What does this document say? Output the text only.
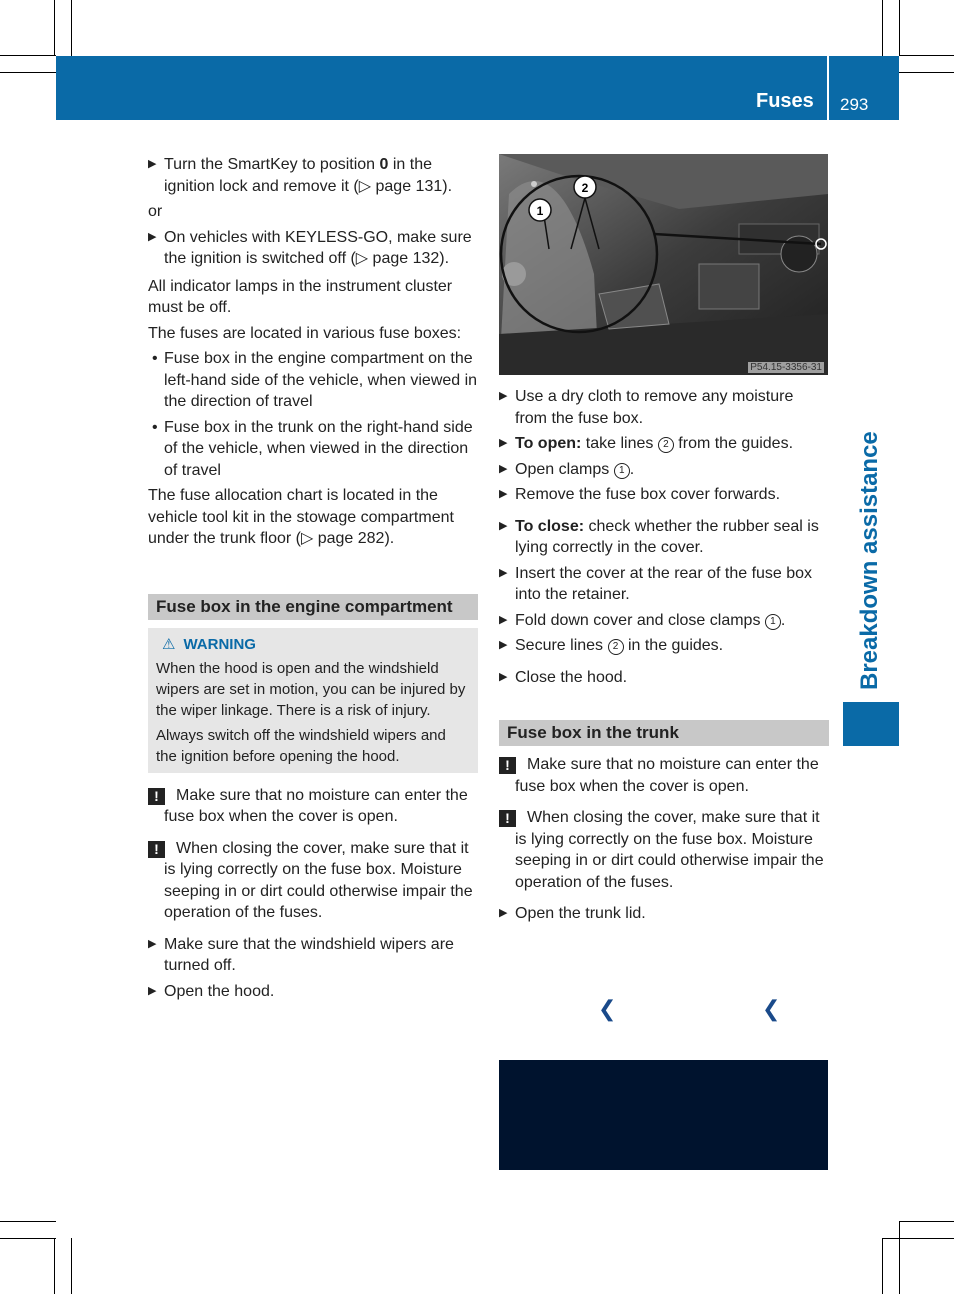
Fuses 293
Breakdown assistance
▶ Turn the SmartKey to position 0 in the ignition lock and remove it (▷ page 131).
or
▶ On vehicles with KEYLESS-GO, make sure the ignition is switched off (▷ page 132).
All indicator lamps in the instrument cluster must be off.
The fuses are located in various fuse boxes:
• Fuse box in the engine compartment on the left-hand side of the vehicle, when viewed in the direction of travel
• Fuse box in the trunk on the right-hand side of the vehicle, when viewed in the direction of travel
The fuse allocation chart is located in the vehicle tool kit in the stowage compartment under the trunk floor (▷ page 282).
Fuse box in the engine compartment
⚠ WARNING
When the hood is open and the windshield wipers are set in motion, you can be injured by the wiper linkage. There is a risk of injury.
Always switch off the windshield wipers and the ignition before opening the hood.
!	Make sure that no moisture can enter the fuse box when the cover is open.
!	When closing the cover, make sure that it is lying correctly on the fuse box. Moisture seeping in or dirt could otherwise impair the operation of the fuses.
▶ Make sure that the windshield wipers are turned off.
▶ Open the hood.
1
2
P54.15-3356-31
▶ Use a dry cloth to remove any moisture from the fuse box.
▶ To open: take lines 2 from the guides.
▶ Open clamps 1 .
▶ Remove the fuse box cover forwards.
▶ To close: check whether the rubber seal is lying correctly in the cover.
▶ Insert the cover at the rear of the fuse box into the retainer.
▶ Fold down cover and close clamps 1 .
▶ Secure lines 2 in the guides.
▶ Close the hood.
Fuse box in the trunk
!	Make sure that no moisture can enter the fuse box when the cover is open.
!	When closing the cover, make sure that it is lying correctly on the fuse box. Moisture seeping in or dirt could otherwise impair the operation of the fuses.
▶ Open the trunk lid.
❮	❮
